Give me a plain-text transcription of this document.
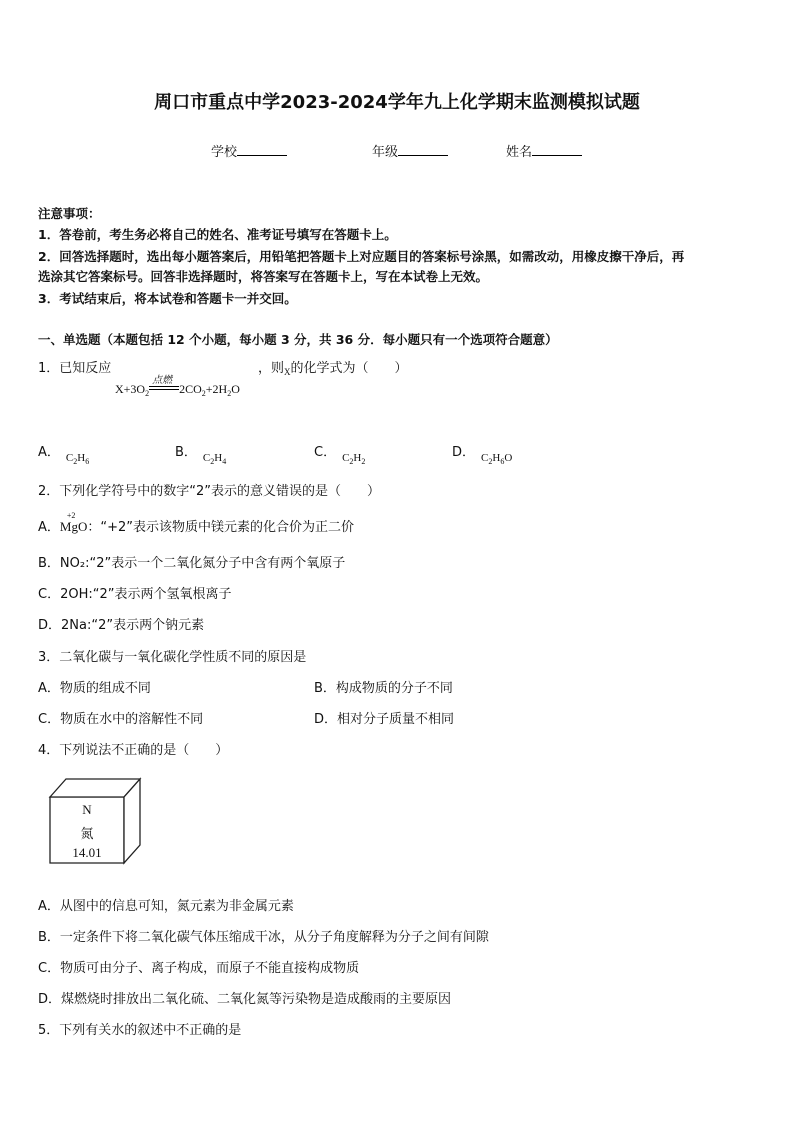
周口市重点中学2023-2024学年九上化学期末监测模拟试题
学校	年级	姓名
注意事项：
1．答卷前，考生务必将自己的姓名、准考证号填写在答题卡上。
2．回答选择题时，选出每小题答案后，用铅笔把答题卡上对应题目的答案标号涂黑，如需改动，用橡皮擦干净后，再
选涂其它答案标号。回答非选择题时，将答案写在答题卡上，写在本试卷上无效。
3．考试结束后，将本试卷和答题卡一并交回。
一、单选题（本题包括 12 个小题，每小题 3 分，共 36 分．每小题只有一个选项符合题意）
1．已知反应	，则$_X$的化学式为（　　）
$X+3O_2$
点燃
$2CO_2+2H_2O$
A． $_{C_2H_6}$
B． $_{C_2H_4}$
C． $_{C_2H_2}$
D． $_{C_2H_6O}$
2．下列化学符号中的数字“2”表示的意义错误的是（　　）
A．
+2
MgO：“+2”表示该物质中镁元素的化合价为正二价
B．NO₂:“2”表示一个二氧化氮分子中含有两个氧原子
C．2OH:“2”表示两个氢氧根离子
D．2Na:“2”表示两个钠元素
3．二氧化碳与一氧化碳化学性质不同的原因是
A．物质的组成不同	B．构成物质的分子不同
C．物质在水中的溶解性不同	D．相对分子质量不相同
4．下列说法不正确的是（　　）
N
氮
14.01
A．从图中的信息可知，氮元素为非金属元素
B．一定条件下将二氧化碳气体压缩成干冰，从分子角度解释为分子之间有间隙
C．物质可由分子、离子构成，而原子不能直接构成物质
D．煤燃烧时排放出二氧化硫、二氧化氮等污染物是造成酸雨的主要原因
5．下列有关水的叙述中不正确的是
